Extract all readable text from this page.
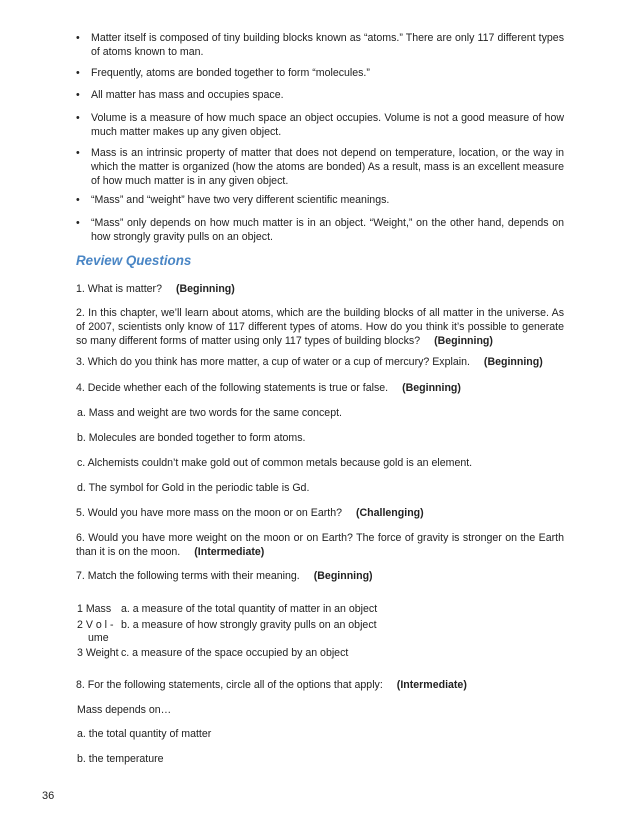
•	Matter itself is composed of tiny building blocks known as “atoms.” There are only 117 different types of atoms known to man.
•	Frequently, atoms are bonded together to form “molecules.”
•	All matter has mass and occupies space.
•	Volume is a measure of how much space an object occupies. Volume is not a good measure of how much matter makes up any given object.
•	Mass is an intrinsic property of matter that does not depend on temperature, location, or the way in which the matter is organized (how the atoms are bonded) As a result, mass is an excellent measure of how much matter is in any given object.
•	“Mass” and “weight” have two very different scientific meanings.
•	“Mass” only depends on how much matter is in an object. “Weight,” on the other hand, depends on how strongly gravity pulls on an object.
Review Questions
1. What is matter? (Beginning)
2. In this chapter, we’ll learn about atoms, which are the building blocks of all matter in the universe. As of 2007, scientists only know of 117 different types of atoms. How do you think it’s possible to generate so many different forms of matter using only 117 types of building blocks? (Beginning)
3. Which do you think has more matter, a cup of water or a cup of mercury? Explain. (Beginning)
4. Decide whether each of the following statements is true or false. (Beginning)
a. Mass and weight are two words for the same concept.
b. Molecules are bonded together to form atoms.
c. Alchemists couldn’t make gold out of common metals because gold is an element.
d. The symbol for Gold in the periodic table is Gd.
5. Would you have more mass on the moon or on Earth? (Challenging)
6. Would you have more weight on the moon or on Earth? The force of gravity is stronger on the Earth than it is on the moon. (Intermediate)
7. Match the following terms with their meaning. (Beginning)
1 Mass a. a measure of the total quantity of matter in an object
2 V o l - b. a measure of how strongly gravity pulls on an object
ume
3 Weight c. a measure of the space occupied by an object
8. For the following statements, circle all of the options that apply: (Intermediate)
Mass depends on…
a. the total quantity of matter
b. the temperature
36
